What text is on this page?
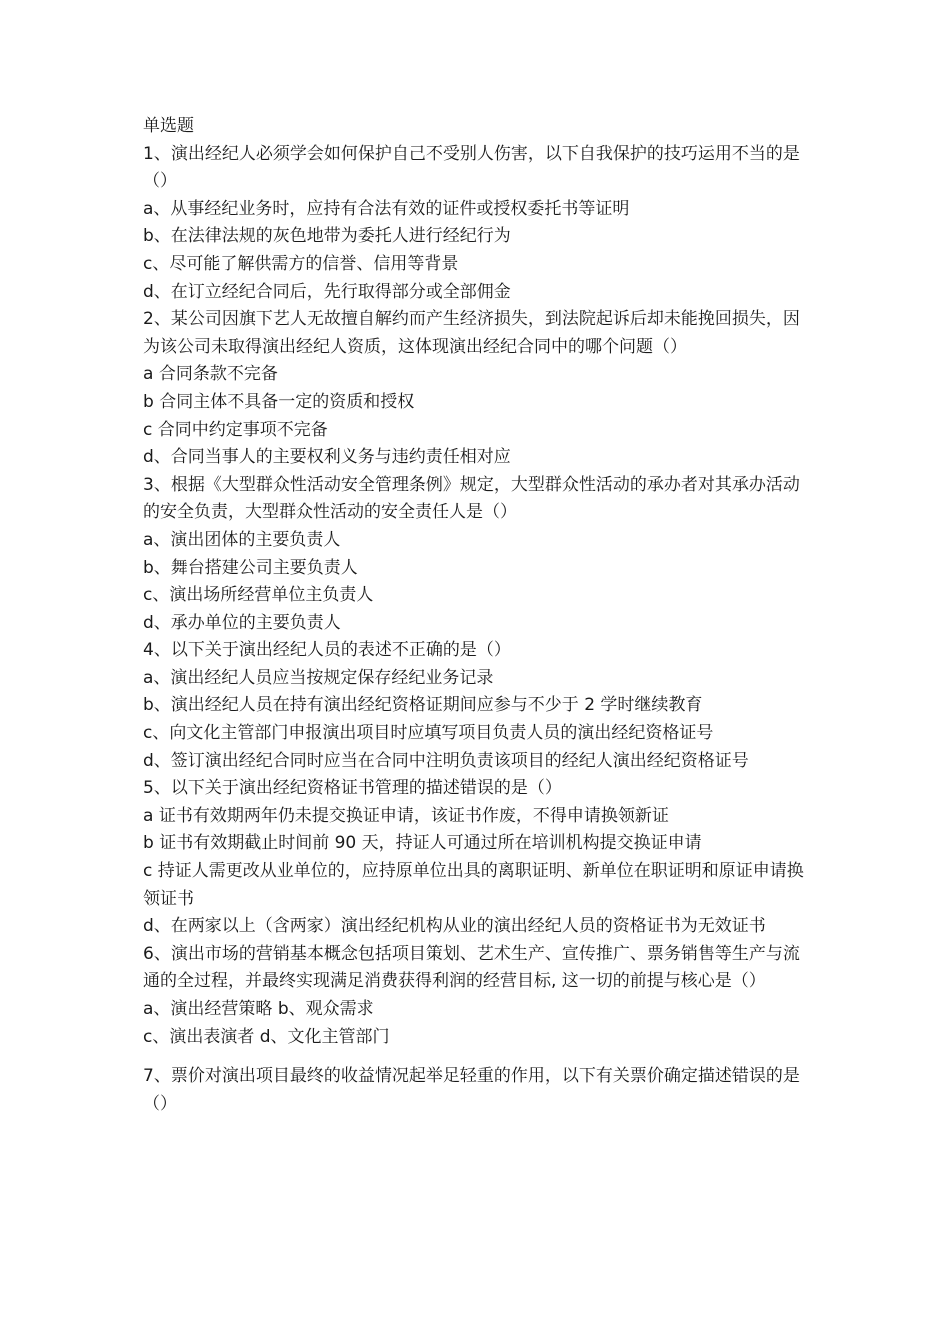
单选题

1、演出经纪人必须学会如何保护自己不受别人伤害，以下自我保护的技巧运用不当的是（）

a、从事经纪业务时，应持有合法有效的证件或授权委托书等证明

b、在法律法规的灰色地带为委托人进行经纪行为

c、尽可能了解供需方的信誉、信用等背景

d、在订立经纪合同后，先行取得部分或全部佣金

2、某公司因旗下艺人无故擅自解约而产生经济损失，到法院起诉后却未能挽回损失，因为该公司未取得演出经纪人资质，这体现演出经纪合同中的哪个问题（）

a 合同条款不完备

b 合同主体不具备一定的资质和授权

c 合同中约定事项不完备

d、合同当事人的主要权利义务与违约责任相对应

3、根据《大型群众性活动安全管理条例》规定，大型群众性活动的承办者对其承办活动的安全负责，大型群众性活动的安全责任人是（）

a、演出团体的主要负责人

b、舞台搭建公司主要负责人

c、演出场所经营单位主负责人

d、承办单位的主要负责人

4、以下关于演出经纪人员的表述不正确的是（）

a、演出经纪人员应当按规定保存经纪业务记录

b、演出经纪人员在持有演出经纪资格证期间应参与不少于 2 学时继续教育

c、向文化主管部门申报演出项目时应填写项目负责人员的演出经纪资格证号

d、签订演出经纪合同时应当在合同中注明负责该项目的经纪人演出经纪资格证号

5、以下关于演出经纪资格证书管理的描述错误的是（）

a 证书有效期两年仍未提交换证申请，该证书作废，不得申请换领新证

b 证书有效期截止时间前 90 天，持证人可通过所在培训机构提交换证申请

c 持证人需更改从业单位的，应持原单位出具的离职证明、新单位在职证明和原证申请换领证书

d、在两家以上（含两家）演出经纪机构从业的演出经纪人员的资格证书为无效证书

6、演出市场的营销基本概念包括项目策划、艺术生产、宣传推广、票务销售等生产与流通的全过程，并最终实现满足消费获得利润的经营目标, 这一切的前提与核心是（）

a、演出经营策略 b、观众需求

c、演出表演者 d、文化主管部门

7、票价对演出项目最终的收益情况起举足轻重的作用，以下有关票价确定描述错误的是（）
